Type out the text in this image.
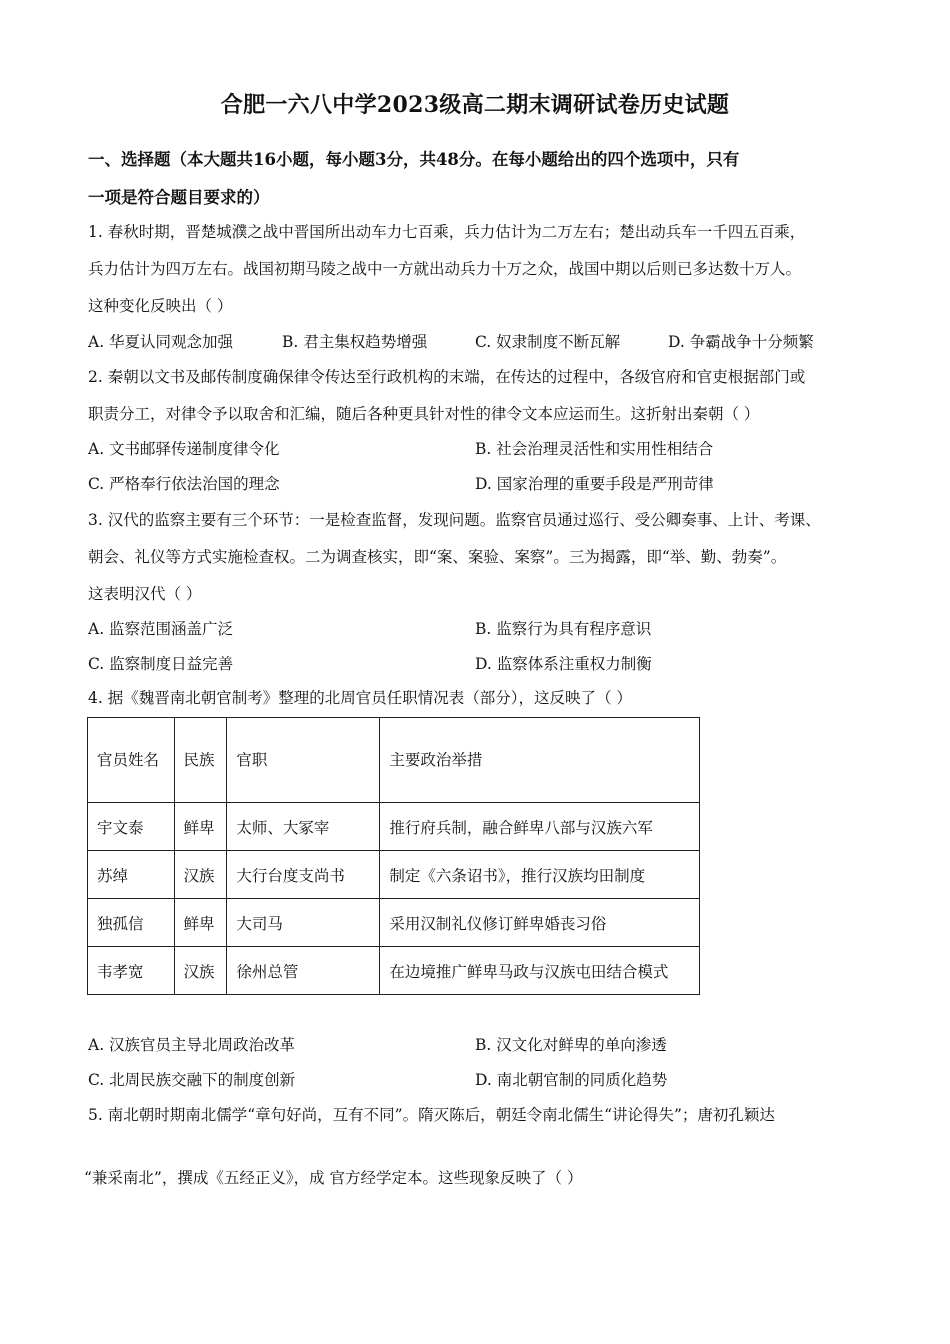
合肥一六八中学2023级高二期末调研试卷历史试题
一、选择题（本大题共16小题，每小题3分，共48分。在每小题给出的四个选项中，只有
一项是符合题目要求的）
1. 春秋时期，晋楚城濮之战中晋国所出动车力七百乘，兵力估计为二万左右；楚出动兵车一千四五百乘，
兵力估计为四万左右。战国初期马陵之战中一方就出动兵力十万之众，战国中期以后则已多达数十万人。
这种变化反映出（ ）
A. 华夏认同观念加强	B. 君主集权趋势增强	C. 奴隶制度不断瓦解	D. 争霸战争十分频繁
2. 秦朝以文书及邮传制度确保律令传达至行政机构的末端，在传达的过程中，各级官府和官吏根据部门或
职责分工，对律令予以取舍和汇编，随后各种更具针对性的律令文本应运而生。这折射出秦朝（ ）
A. 文书邮驿传递制度律令化	B. 社会治理灵活性和实用性相结合
C. 严格奉行依法治国的理念	D. 国家治理的重要手段是严刑苛律
3. 汉代的监察主要有三个环节：一是检查监督，发现问题。监察官员通过巡行、受公卿奏事、上计、考课、
朝会、礼仪等方式实施检查权。二为调查核实，即“案、案验、案察”。三为揭露，即“举、勤、勃奏”。
这表明汉代（ ）
A. 监察范围涵盖广泛	B. 监察行为具有程序意识
C. 监察制度日益完善	D. 监察体系注重权力制衡
4. 据《魏晋南北朝官制考》整理的北周官员任职情况表（部分），这反映了（ ）
官员姓名	民族	官职	主要政治举措
宇文泰	鲜卑	太师、大冢宰	推行府兵制，融合鲜卑八部与汉族六军
苏绰	汉族	大行台度支尚书	制定《六条诏书》，推行汉族均田制度
独孤信	鲜卑	大司马	采用汉制礼仪修订鲜卑婚丧习俗
韦孝宽	汉族	徐州总管	在边境推广鲜卑马政与汉族屯田结合模式
A. 汉族官员主导北周政治改革	B. 汉文化对鲜卑的单向渗透
C. 北周民族交融下的制度创新	D. 南北朝官制的同质化趋势
5. 南北朝时期南北儒学“章句好尚，互有不同”。隋灭陈后，朝廷令南北儒生“讲论得失”；唐初孔颖达
“兼采南北”，撰成《五经正义》，成 官方经学定本。这些现象反映了（ ）
